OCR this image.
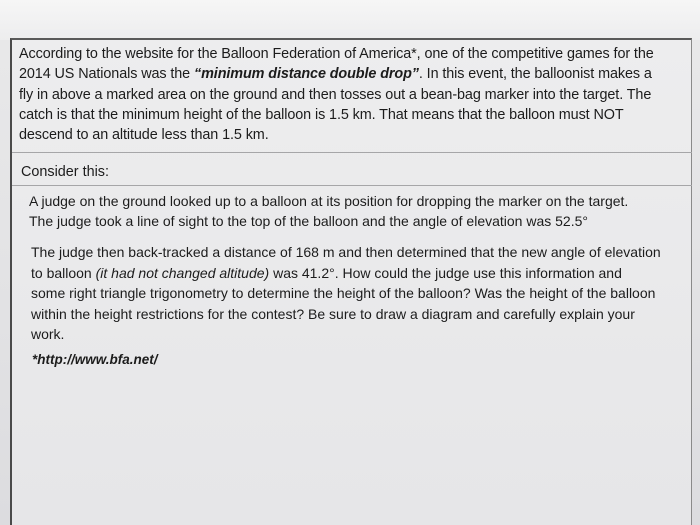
According to the website for the Balloon Federation of America*, one of the competitive games for the
2014 US Nationals was the “minimum distance double drop”. In this event, the balloonist makes a
fly in above a marked area on the ground and then tosses out a bean-bag marker into the target. The
catch is that the minimum height of the balloon is 1.5 km. That means that the balloon must NOT
descend to an altitude less than 1.5 km.

Consider this:

A judge on the ground looked up to a balloon at its position for dropping the marker on the target.
The judge took a line of sight to the top of the balloon and the angle of elevation was 52.5°

The judge then back-tracked a distance of 168 m and then determined that the new angle of elevation
to balloon (it had not changed altitude) was 41.2°. How could the judge use this information and
some right triangle trigonometry to determine the height of the balloon? Was the height of the balloon
within the height restrictions for the contest? Be sure to draw a diagram and carefully explain your
work.

*http://www.bfa.net/
